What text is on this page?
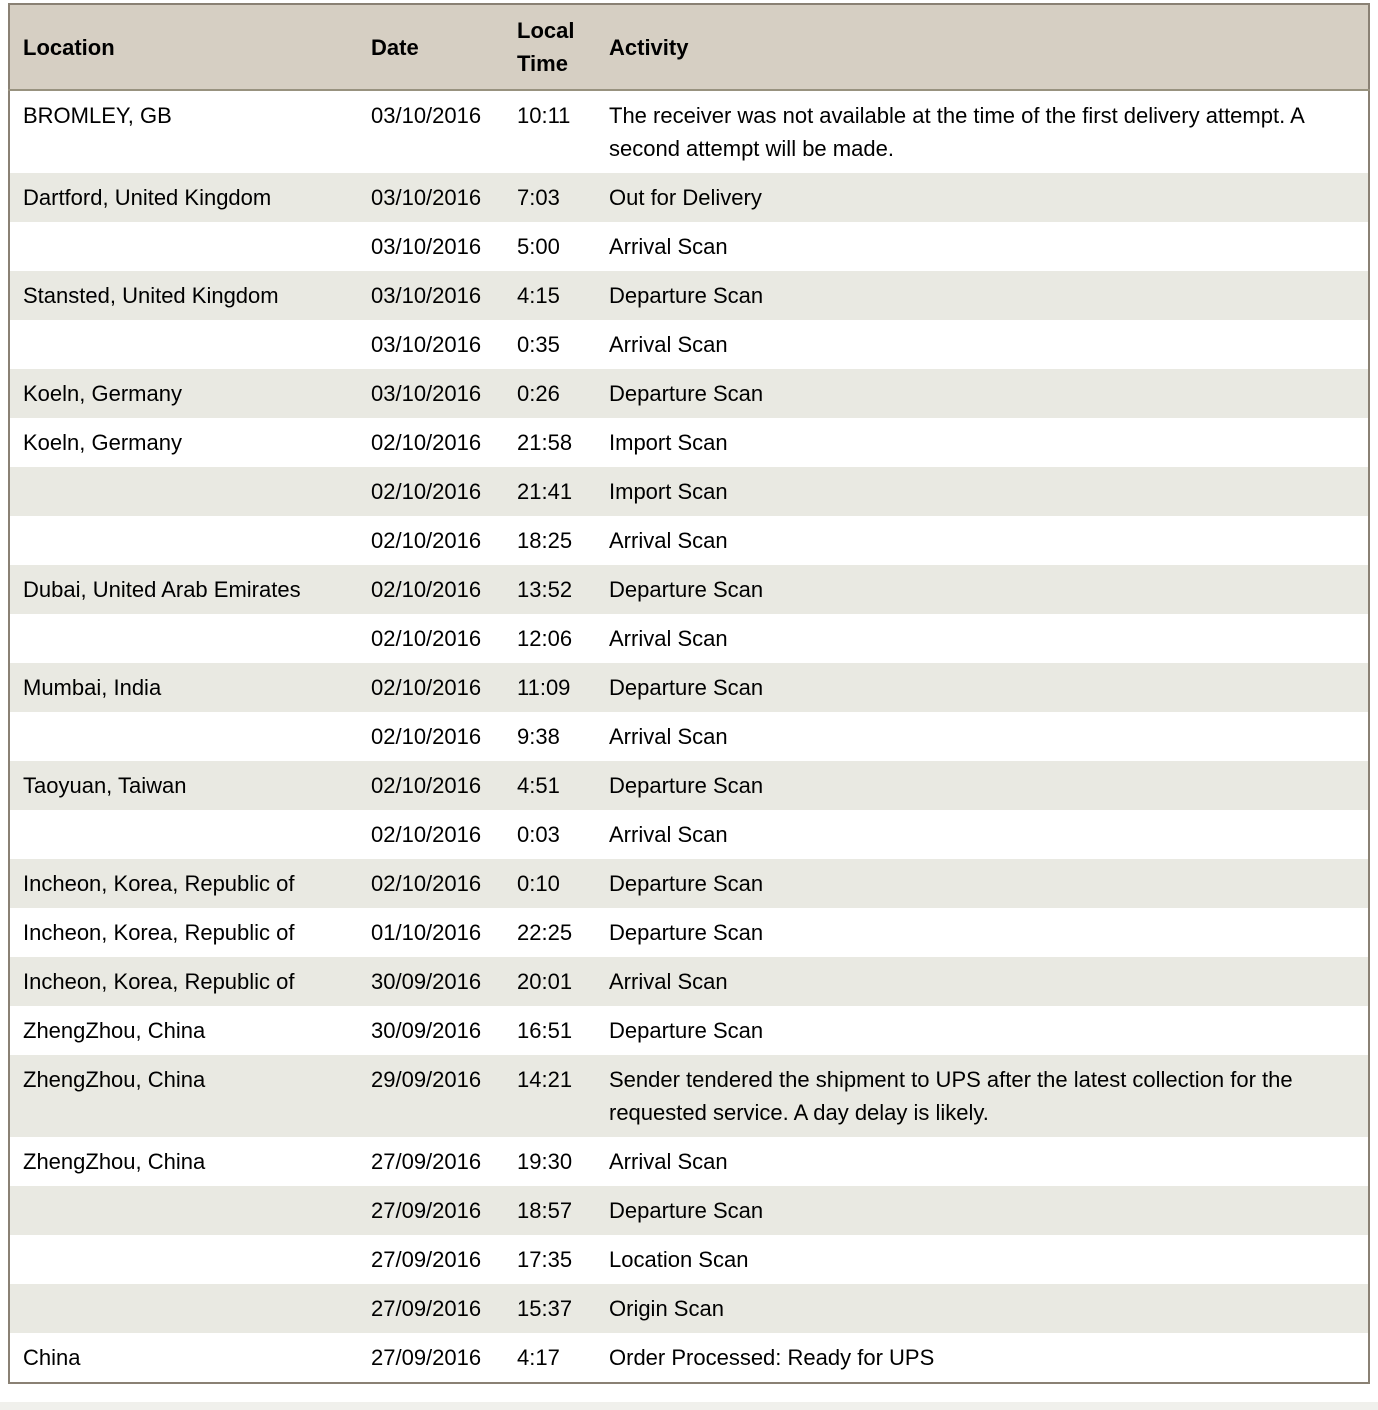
Location	Date	Local Time	Activity
BROMLEY, GB	03/10/2016	10:11	The receiver was not available at the time of the first delivery attempt. A second attempt will be made.
Dartford, United Kingdom	03/10/2016	7:03	Out for Delivery
	03/10/2016	5:00	Arrival Scan
Stansted, United Kingdom	03/10/2016	4:15	Departure Scan
	03/10/2016	0:35	Arrival Scan
Koeln, Germany	03/10/2016	0:26	Departure Scan
Koeln, Germany	02/10/2016	21:58	Import Scan
	02/10/2016	21:41	Import Scan
	02/10/2016	18:25	Arrival Scan
Dubai, United Arab Emirates	02/10/2016	13:52	Departure Scan
	02/10/2016	12:06	Arrival Scan
Mumbai, India	02/10/2016	11:09	Departure Scan
	02/10/2016	9:38	Arrival Scan
Taoyuan, Taiwan	02/10/2016	4:51	Departure Scan
	02/10/2016	0:03	Arrival Scan
Incheon, Korea, Republic of	02/10/2016	0:10	Departure Scan
Incheon, Korea, Republic of	01/10/2016	22:25	Departure Scan
Incheon, Korea, Republic of	30/09/2016	20:01	Arrival Scan
ZhengZhou, China	30/09/2016	16:51	Departure Scan
ZhengZhou, China	29/09/2016	14:21	Sender tendered the shipment to UPS after the latest collection for the requested service. A day delay is likely.
ZhengZhou, China	27/09/2016	19:30	Arrival Scan
	27/09/2016	18:57	Departure Scan
	27/09/2016	17:35	Location Scan
	27/09/2016	15:37	Origin Scan
China	27/09/2016	4:17	Order Processed: Ready for UPS
